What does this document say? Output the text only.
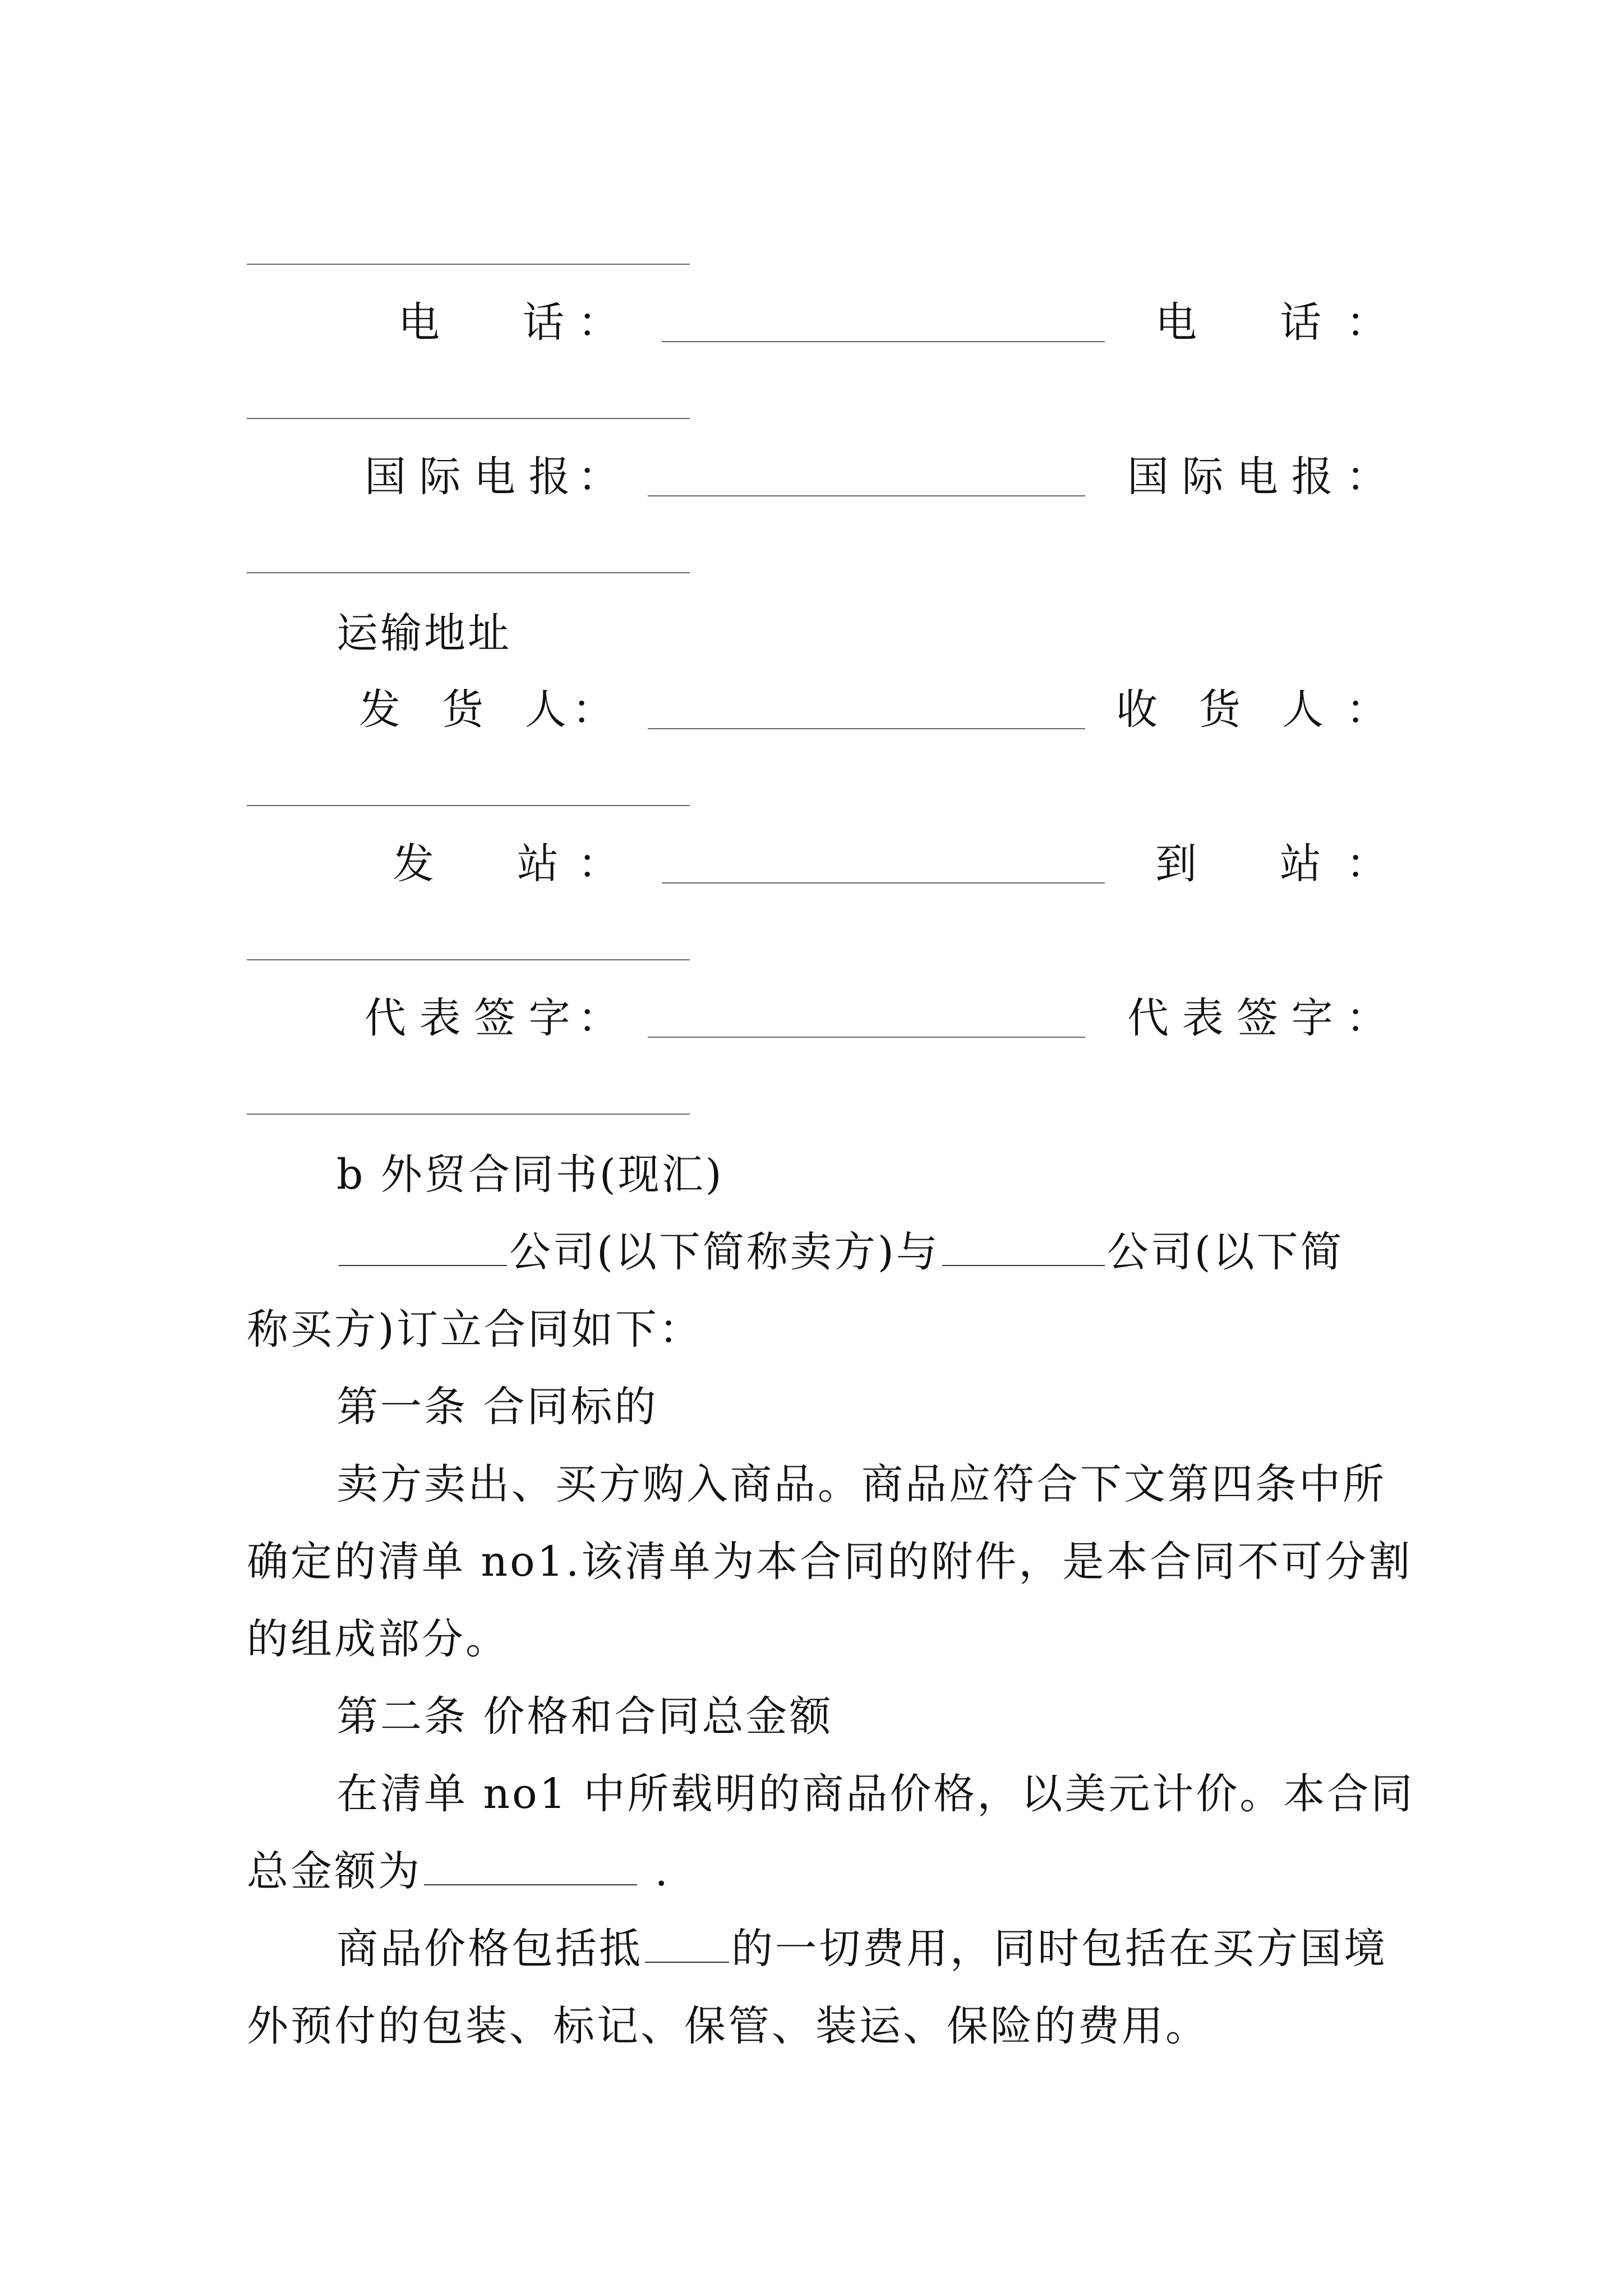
电　　话 ：	电　　话 ：
国 际 电 报 ：	国 际 电 报 ：
运输地址
发　货　人 ：	收　货　人 ：
发　　站 ：	到　　站 ：
代 表 签 字 ：	代 表 签 字 ：
b 外贸合同书(现汇)
公司(以下简称卖方)与	公司(以下简
称买方)订立合同如下：
第一条 合同标的
卖方卖出、买方购入商品。商品应符合下文第四条中所
确定的清单 no1.该清单为本合同的附件，是本合同不可分割
的组成部分。
第二条 价格和合同总金额
在清单 no1 中所载明的商品价格，以美元计价。本合同
总金额为	.
商品价格包括抵 的一切费用，同时包括在买方国境
外预付的包装、标记、保管、装运、保险的费用。
